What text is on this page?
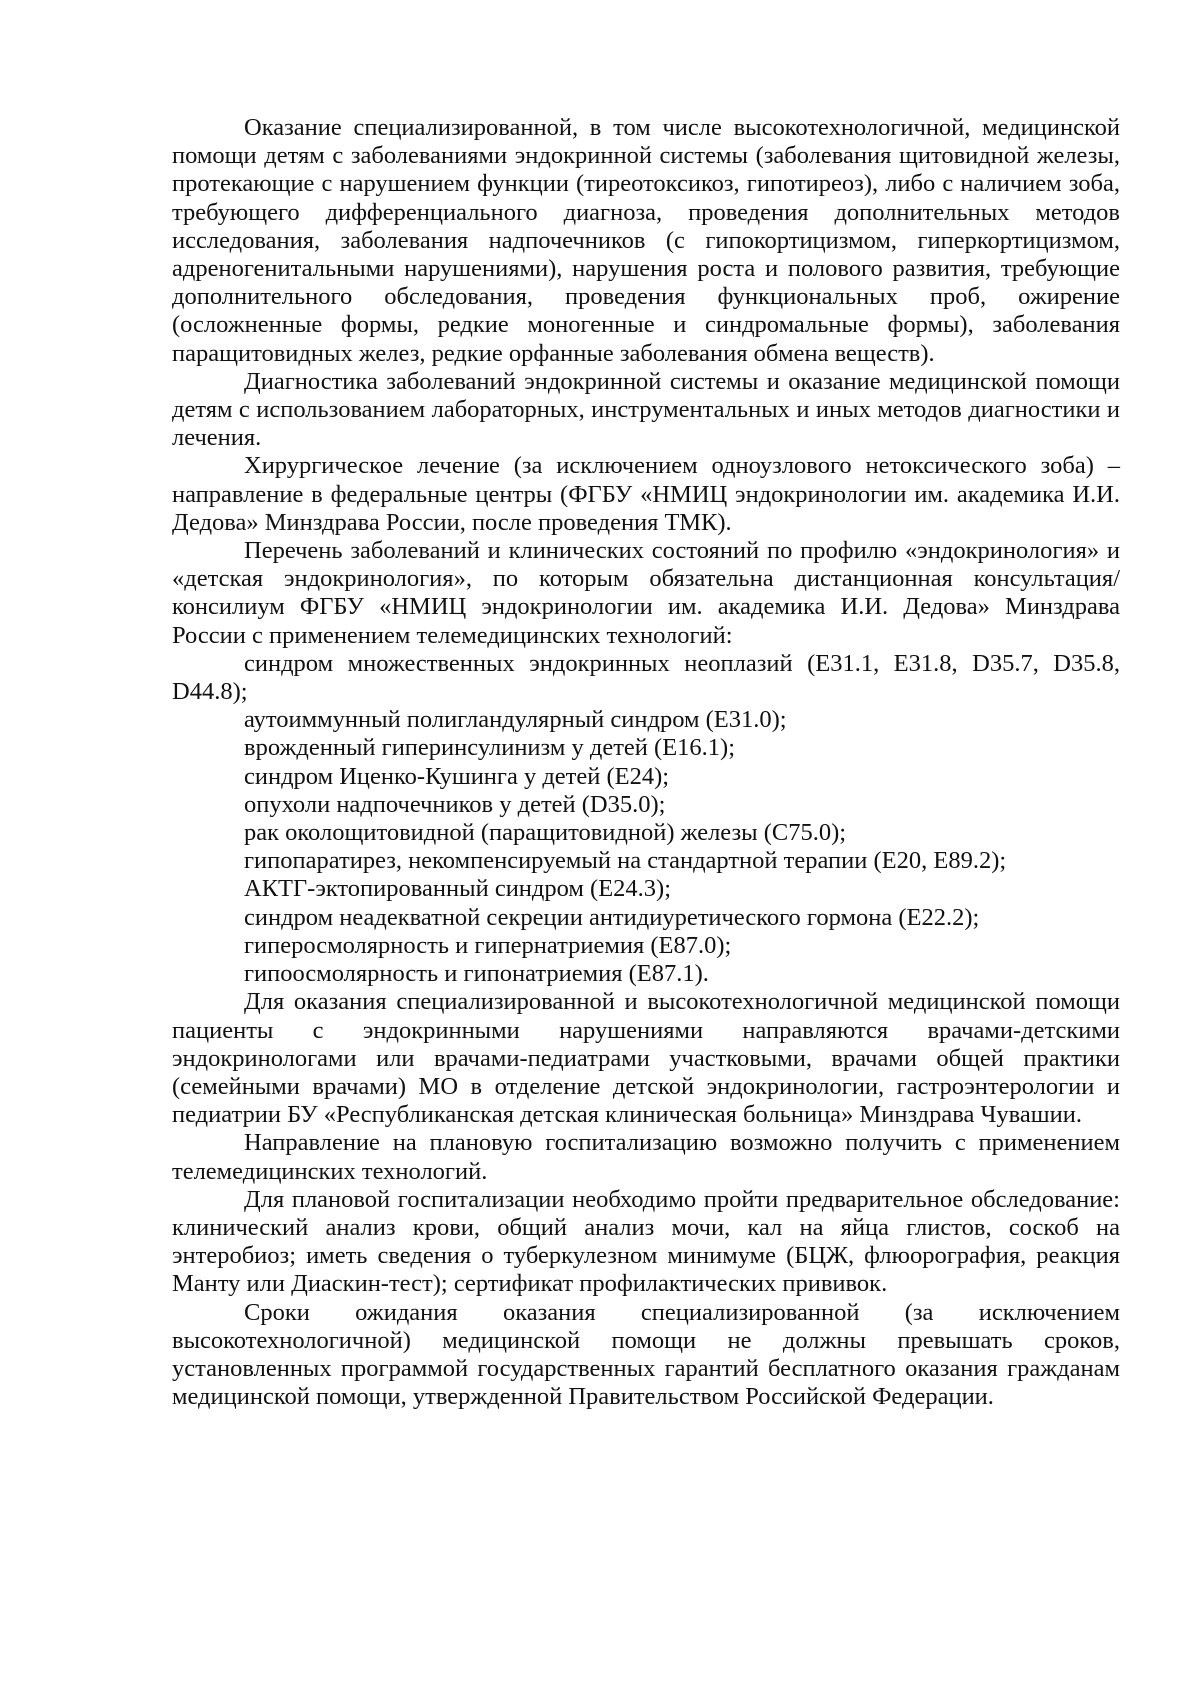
Оказание специализированной, в том числе высокотехнологичной, медицинской помощи детям с заболеваниями эндокринной системы (заболевания щитовидной железы, протекающие с нарушением функции (тиреотоксикоз, гипотиреоз), либо с наличием зоба, требующего дифференциального диагноза, проведения дополнительных методов исследования, заболевания надпочечников (с гипокортицизмом, гиперкортицизмом, адреногенитальными нарушениями), нарушения роста и полового развития, требующие дополнительного обследования, проведения функциональных проб, ожирение (осложненные формы, редкие моногенные и синдромальные формы), заболевания паращитовидных желез, редкие орфанные заболевания обмена веществ).

Диагностика заболеваний эндокринной системы и оказание медицинской помощи детям с использованием лабораторных, инструментальных и иных методов диагностики и лечения.

Хирургическое лечение (за исключением одноузлового нетоксического зоба) – направление в федеральные центры (ФГБУ «НМИЦ эндокринологии им. академика И.И. Дедова» Минздрава России, после проведения ТМК).

Перечень заболеваний и клинических состояний по профилю «эндокринология» и «детская эндокринология», по которым обязательна дистанционная консультация/консилиум ФГБУ «НМИЦ эндокринологии им. академика И.И. Дедова» Минздрава России с применением телемедицинских технологий:

синдром множественных эндокринных неоплазий (E31.1, E31.8, D35.7, D35.8, D44.8);

аутоиммунный полигландулярный синдром (E31.0);

врожденный гиперинсулинизм у детей (E16.1);

синдром Иценко-Кушинга у детей (E24);

опухоли надпочечников у детей (D35.0);

рак околощитовидной (паращитовидной) железы (C75.0);

гипопаратирез, некомпенсируемый на стандартной терапии (E20, E89.2);

АКТГ-эктопированный синдром (E24.3);

синдром неадекватной секреции антидиуретического гормона (E22.2);

гиперосмолярность и гипернатриемия (E87.0);

гипоосмолярность и гипонатриемия (E87.1).

Для оказания специализированной и высокотехнологичной медицинской помощи пациенты с эндокринными нарушениями направляются врачами-детскими эндокринологами или врачами-педиатрами участковыми, врачами общей практики (семейными врачами) МО в отделение детской эндокринологии, гастроэнтерологии и педиатрии БУ «Республиканская детская клиническая больница» Минздрава Чувашии.

Направление на плановую госпитализацию возможно получить с применением телемедицинских технологий.

Для плановой госпитализации необходимо пройти предварительное обследование: клинический анализ крови, общий анализ мочи, кал на яйца глистов, соскоб на энтеробиоз; иметь сведения о туберкулезном минимуме (БЦЖ, флюорография, реакция Манту или Диаскин-тест); сертификат профилактических прививок.

Сроки ожидания оказания специализированной (за исключением высокотехнологичной) медицинской помощи не должны превышать сроков, установленных программой государственных гарантий бесплатного оказания гражданам медицинской помощи, утвержденной Правительством Российской Федерации.
